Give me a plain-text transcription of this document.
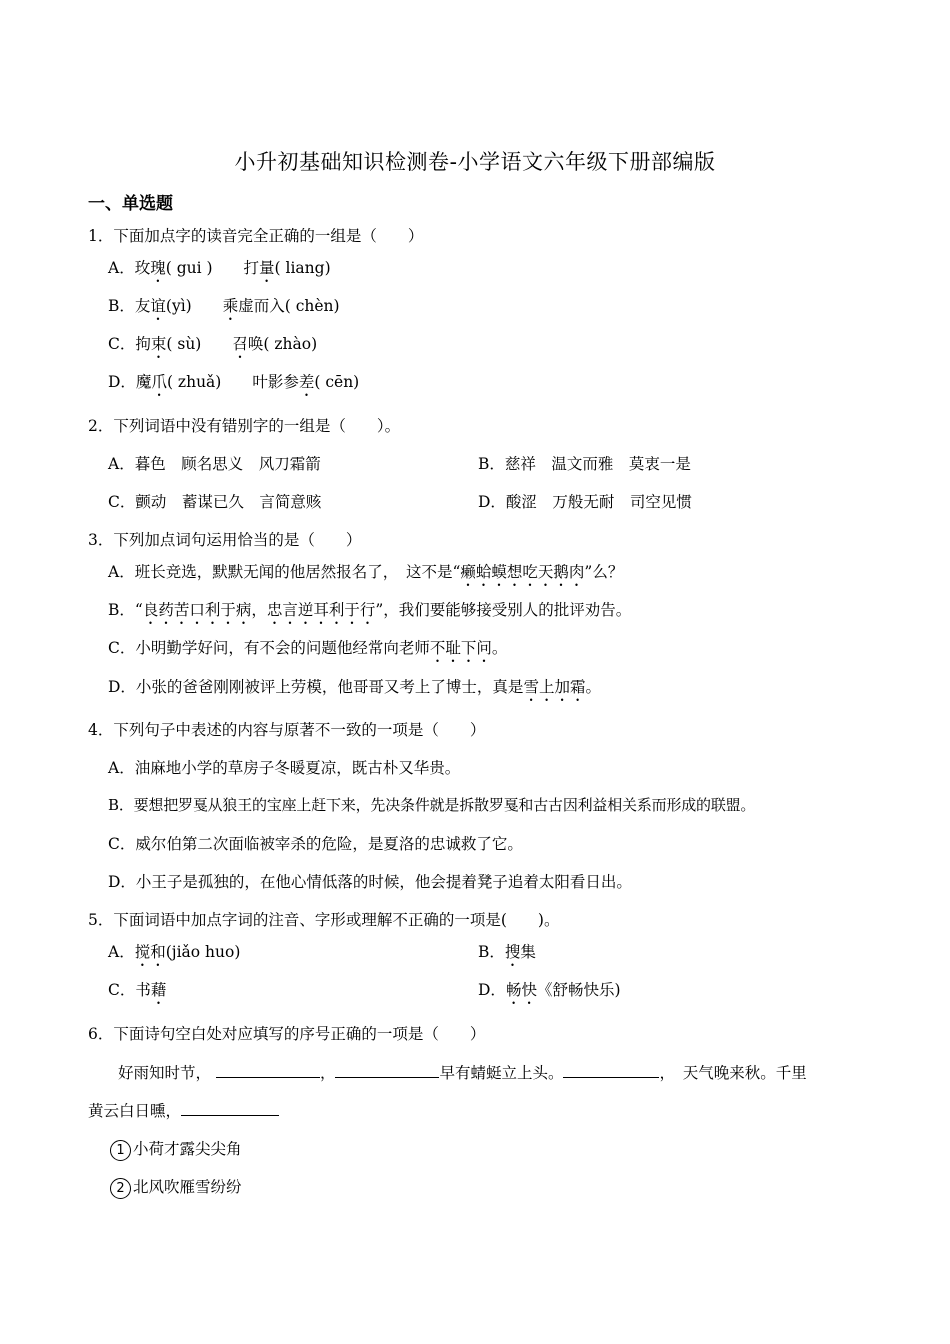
小升初基础知识检测卷-小学语文六年级下册部编版
一、单选题
1．下面加点字的读音完全正确的一组是（　　）
A．玫瑰( gui )　　打量( liang)
B．友谊(yì)　　乘虚而入( chèn)
C．拘束( sù)　　召唤( zhào)
D．魔爪( zhuǎ)　　叶影参差( cēn)
2．下列词语中没有错别字的一组是（　　）。
A．暮色　顾名思义　风刀霜箭	B．慈祥　温文而雅　莫衷一是
C．颤动　蓄谋已久　言简意赅	D．酸涩　万般无耐　司空见惯
3．下列加点词句运用恰当的是（　　）
A．班长竞选，默默无闻的他居然报名了，　这不是“癞蛤蟆想吃天鹅肉”么？
B．“良药苦口利于病，忠言逆耳利于行”，我们要能够接受别人的批评劝告。
C．小明勤学好问，有不会的问题他经常向老师不耻下问。
D．小张的爸爸刚刚被评上劳模，他哥哥又考上了博士，真是雪上加霜。
4．下列句子中表述的内容与原著不一致的一项是（　　）
A．油麻地小学的草房子冬暖夏凉，既古朴又华贵。
B．要想把罗戛从狼王的宝座上赶下来，先决条件就是拆散罗戛和古古因利益相关系而形成的联盟。
C．威尔伯第二次面临被宰杀的危险，是夏洛的忠诚救了它。
D．小王子是孤独的，在他心情低落的时候，他会提着凳子追着太阳看日出。
5．下面词语中加点字词的注音、字形或理解不正确的一项是(　　)。
A．搅和(jiǎo huo)	B．搜集
C．书藉	D．畅快《舒畅快乐)
6．下面诗句空白处对应填写的序号正确的一项是（　　）
好雨知时节，	，	早有蜻蜓立上头。	，　 天气晚来秋。千里
黄云白日曛，
1 小荷才露尖尖角
2 北风吹雁雪纷纷
